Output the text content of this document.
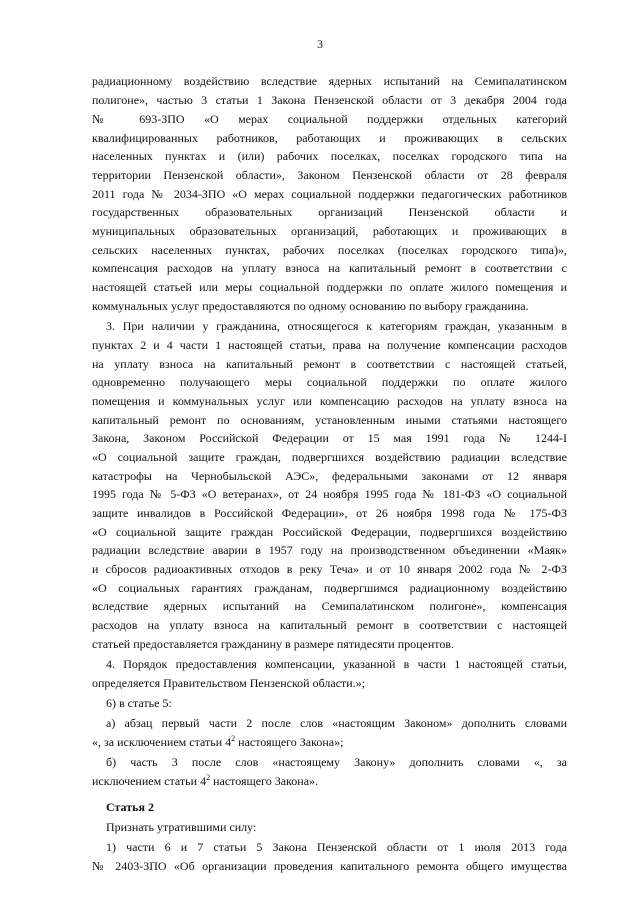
3
радиационному воздействию вследствие ядерных испытаний на Семипалатинском
полигоне», частью 3 статьи 1 Закона Пензенской области от 3 декабря 2004 года
№ 693-ЗПО «О мерах социальной поддержки отдельных категорий
квалифицированных работников, работающих и проживающих в сельских
населенных пунктах и (или) рабочих поселках, поселках городского типа на
территории Пензенской области», Законом Пензенской области от 28 февраля
2011 года № 2034-ЗПО «О мерах социальной поддержки педагогических работников
государственных образовательных организаций Пензенской области и
муниципальных образовательных организаций, работающих и проживающих в
сельских населенных пунктах, рабочих поселках (поселках городского типа)»,
компенсация расходов на уплату взноса на капитальный ремонт в соответствии с
настоящей статьей или меры социальной поддержки по оплате жилого помещения и
коммунальных услуг предоставляются по одному основанию по выбору гражданина.
3. При наличии у гражданина, относящегося к категориям граждан, указанным в
пунктах 2 и 4 части 1 настоящей статьи, права на получение компенсации расходов
на уплату взноса на капитальный ремонт в соответствии с настоящей статьей,
одновременно получающего меры социальной поддержки по оплате жилого
помещения и коммунальных услуг или компенсацию расходов на уплату взноса на
капитальный ремонт по основаниям, установленным иными статьями настоящего
Закона, Законом Российской Федерации от 15 мая 1991 года № 1244-I
«О социальной защите граждан, подвергшихся воздействию радиации вследствие
катастрофы на Чернобыльской АЭС», федеральными законами от 12 января
1995 года № 5-ФЗ «О ветеранах», от 24 ноября 1995 года № 181-ФЗ «О социальной
защите инвалидов в Российской Федерации», от 26 ноября 1998 года № 175-ФЗ
«О социальной защите граждан Российской Федерации, подвергшихся воздействию
радиации вследствие аварии в 1957 году на производственном объединении «Маяк»
и сбросов радиоактивных отходов в реку Теча» и от 10 января 2002 года № 2-ФЗ
«О социальных гарантиях гражданам, подвергшимся радиационному воздействию
вследствие ядерных испытаний на Семипалатинском полигоне», компенсация
расходов на уплату взноса на капитальный ремонт в соответствии с настоящей
статьей предоставляется гражданину в размере пятидесяти процентов.
4. Порядок предоставления компенсации, указанной в части 1 настоящей статьи,
определяется Правительством Пензенской области.»;
6) в статье 5:
а) абзац первый части 2 после слов «настоящим Законом» дополнить словами
«, за исключением статьи $4^2$ настоящего Закона»;
б) часть 3 после слов «настоящему Закону» дополнить словами «, за
исключением статьи $4^2$ настоящего Закона».
Статья 2
Признать утратившими силу:
1) части 6 и 7 статьи 5 Закона Пензенской области от 1 июля 2013 года
№ 2403-ЗПО «Об организации проведения капитального ремонта общего имущества
